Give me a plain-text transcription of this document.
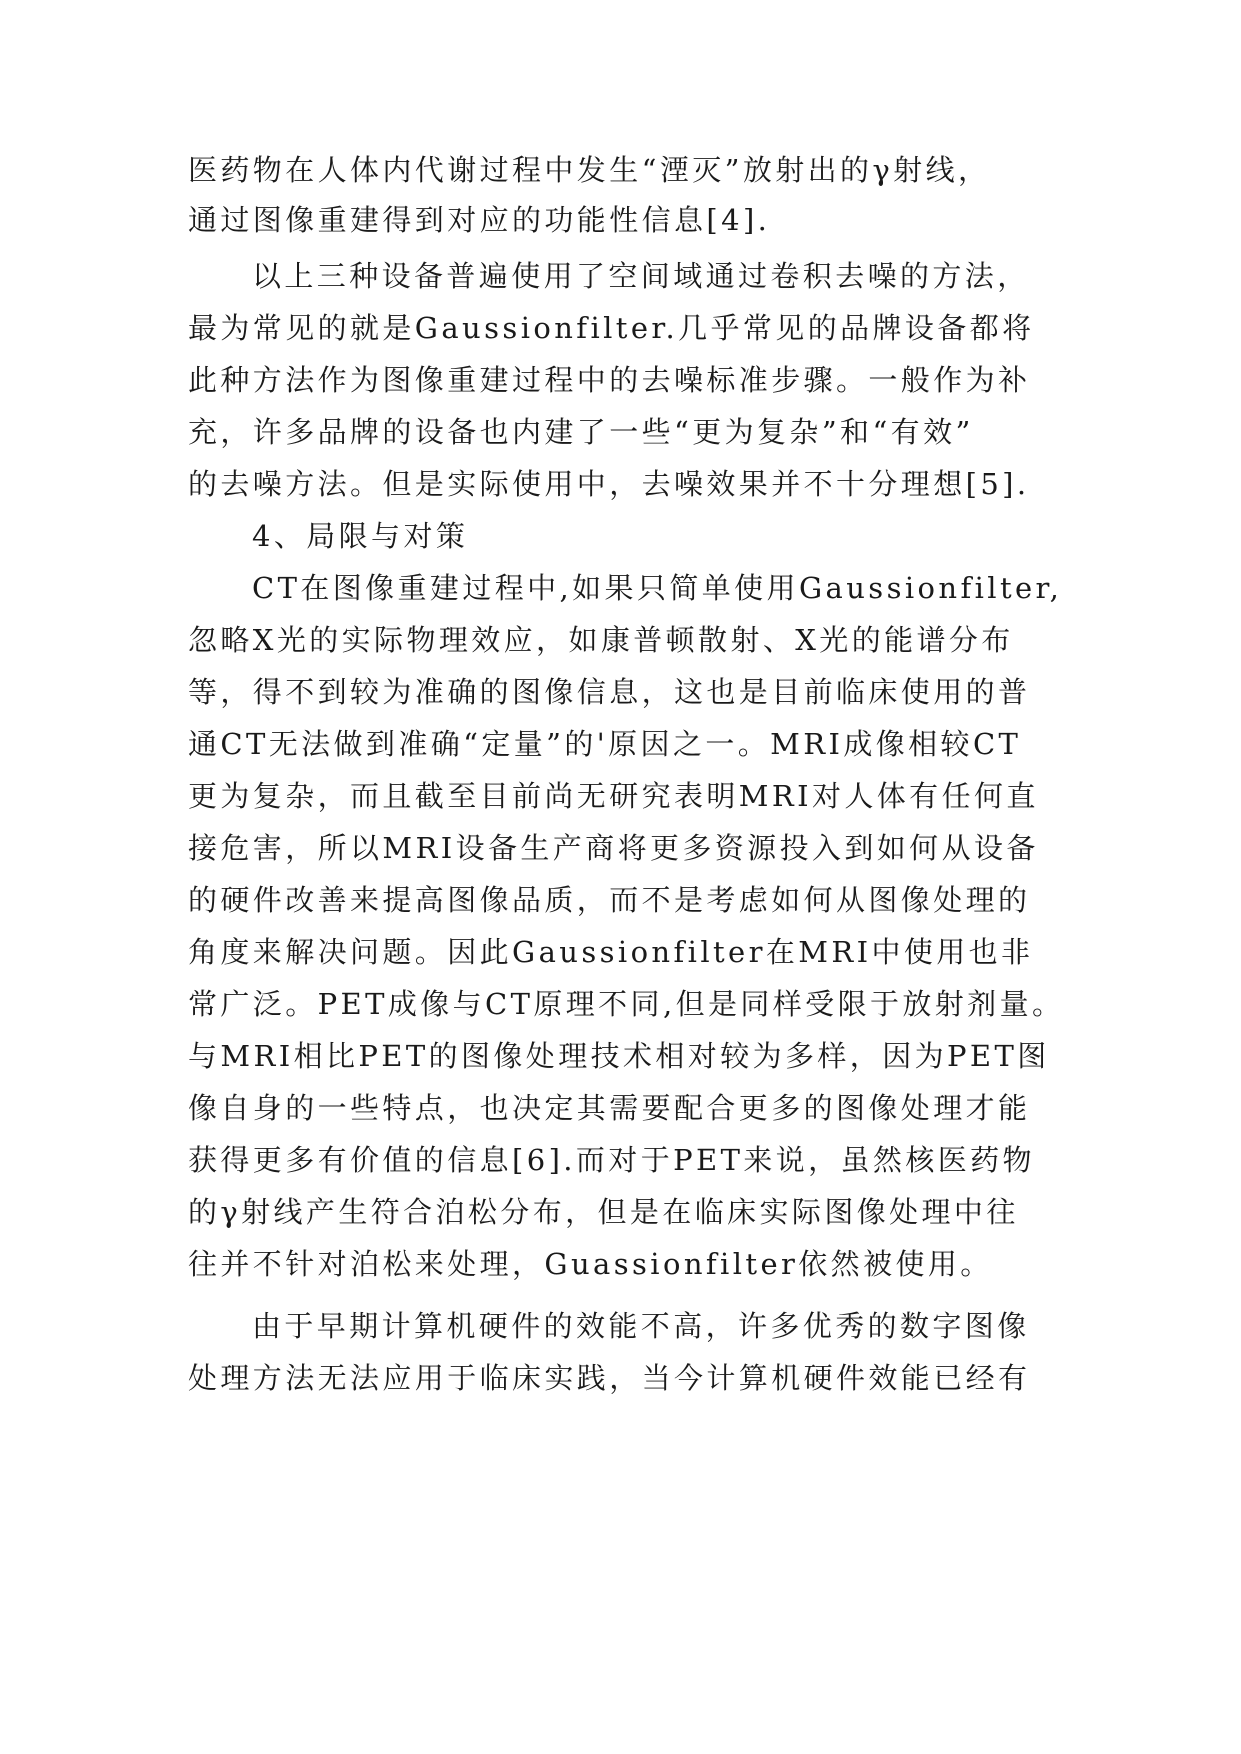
医药物在人体内代谢过程中发生“湮灭”放射出的γ射线，
通过图像重建得到对应的功能性信息[4].
以上三种设备普遍使用了空间域通过卷积去噪的方法，
最为常见的就是Gaussionfilter.几乎常见的品牌设备都将
此种方法作为图像重建过程中的去噪标准步骤。一般作为补
充，许多品牌的设备也内建了一些“更为复杂”和“有效”
的去噪方法。但是实际使用中，去噪效果并不十分理想[5].
4、局限与对策
CT在图像重建过程中,如果只简单使用Gaussionfilter,
忽略X光的实际物理效应，如康普顿散射、X光的能谱分布
等，得不到较为准确的图像信息，这也是目前临床使用的普
通CT无法做到准确“定量”的'原因之一。MRI成像相较CT
更为复杂，而且截至目前尚无研究表明MRI对人体有任何直
接危害，所以MRI设备生产商将更多资源投入到如何从设备
的硬件改善来提高图像品质，而不是考虑如何从图像处理的
角度来解决问题。因此Gaussionfilter在MRI中使用也非
常广泛。PET成像与CT原理不同,但是同样受限于放射剂量。
与MRI相比PET的图像处理技术相对较为多样，因为PET图
像自身的一些特点，也决定其需要配合更多的图像处理才能
获得更多有价值的信息[6].而对于PET来说，虽然核医药物
的γ射线产生符合泊松分布，但是在临床实际图像处理中往
往并不针对泊松来处理，Guassionfilter依然被使用。
由于早期计算机硬件的效能不高，许多优秀的数字图像
处理方法无法应用于临床实践，当今计算机硬件效能已经有
